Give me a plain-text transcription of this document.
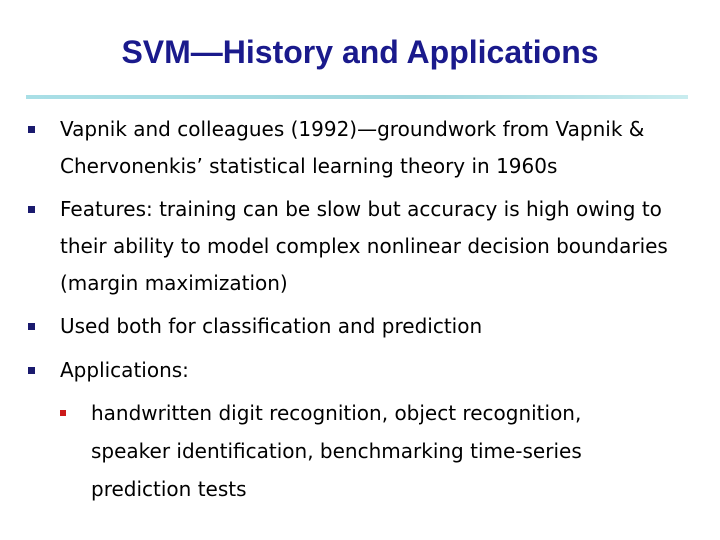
SVM—History and Applications
Vapnik and colleagues (1992)—groundwork from Vapnik & Chervonenkis’ statistical learning theory in 1960s
Features: training can be slow but accuracy is high owing to their ability to model complex nonlinear decision boundaries (margin maximization)
Used both for classification and prediction
Applications:
handwritten digit recognition, object recognition, speaker identification, benchmarking time-series prediction tests
